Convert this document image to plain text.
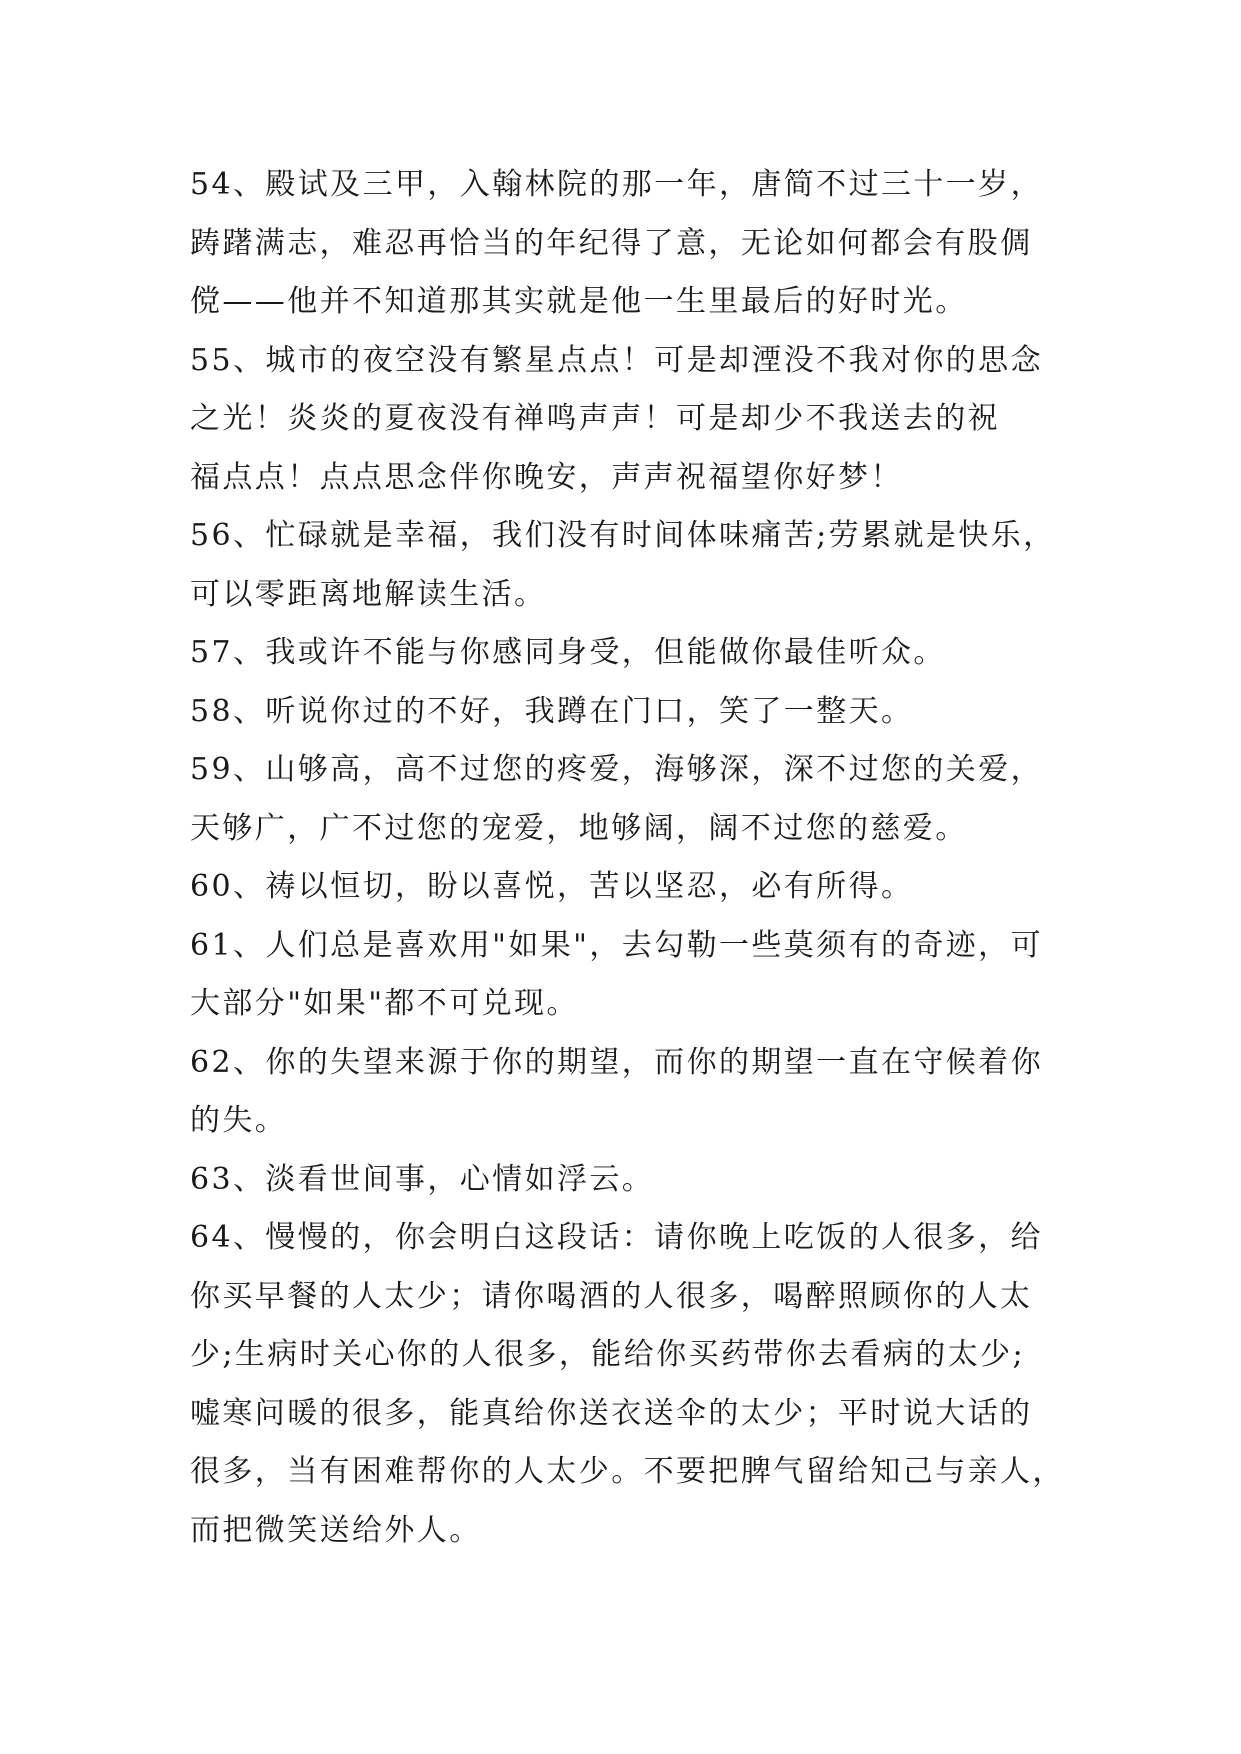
54、殿试及三甲，入翰林院的那一年，唐简不过三十一岁，
踌躇满志，难忍再恰当的年纪得了意，无论如何都会有股倜
傥——他并不知道那其实就是他一生里最后的好时光。
55、城市的夜空没有繁星点点！可是却湮没不我对你的思念
之光！炎炎的夏夜没有禅鸣声声！可是却少不我送去的祝
福点点！点点思念伴你晚安，声声祝福望你好梦！
56、忙碌就是幸福，我们没有时间体味痛苦;劳累就是快乐，
可以零距离地解读生活。
57、我或许不能与你感同身受，但能做你最佳听众。
58、听说你过的不好，我蹲在门口，笑了一整天。
59、山够高，高不过您的疼爱，海够深，深不过您的关爱，
天够广，广不过您的宠爱，地够阔，阔不过您的慈爱。
60、祷以恒切，盼以喜悦，苦以坚忍，必有所得。
61、人们总是喜欢用"如果"，去勾勒一些莫须有的奇迹，可
大部分"如果"都不可兑现。
62、你的失望来源于你的期望，而你的期望一直在守候着你
的失。
63、淡看世间事，心情如浮云。
64、慢慢的，你会明白这段话：请你晚上吃饭的人很多，给
你买早餐的人太少；请你喝酒的人很多，喝醉照顾你的人太
少;生病时关心你的人很多，能给你买药带你去看病的太少;
嘘寒问暖的很多，能真给你送衣送伞的太少；平时说大话的
很多，当有困难帮你的人太少。不要把脾气留给知己与亲人，
而把微笑送给外人。
